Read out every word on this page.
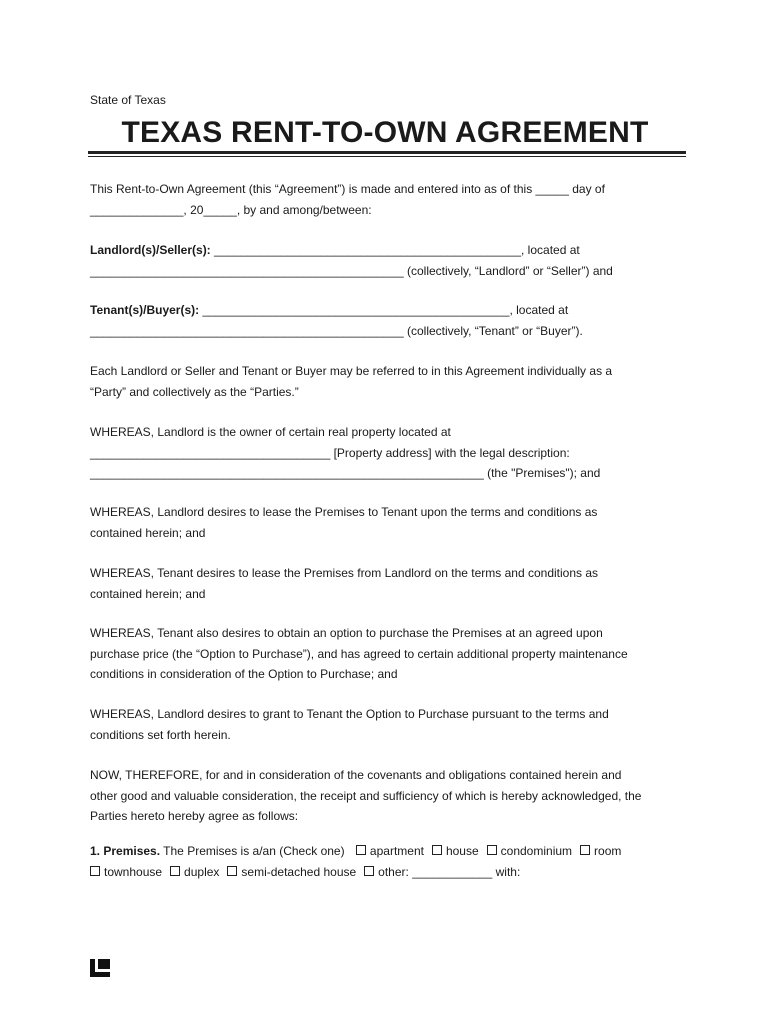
State of Texas
TEXAS RENT-TO-OWN AGREEMENT
This Rent-to-Own Agreement (this “Agreement”) is made and entered into as of this _____ day of
______________, 20_____, by and among/between:
Landlord(s)/Seller(s): ______________________________________________, located at
_______________________________________________ (collectively, “Landlord” or “Seller”) and
Tenant(s)/Buyer(s): ______________________________________________, located at
_______________________________________________ (collectively, “Tenant” or “Buyer”).
Each Landlord or Seller and Tenant or Buyer may be referred to in this Agreement individually as a
“Party” and collectively as the “Parties.”
WHEREAS, Landlord is the owner of certain real property located at
____________________________________ [Property address] with the legal description:
___________________________________________________________ (the "Premises"); and
WHEREAS, Landlord desires to lease the Premises to Tenant upon the terms and conditions as
contained herein; and
WHEREAS, Tenant desires to lease the Premises from Landlord on the terms and conditions as
contained herein; and
WHEREAS, Tenant also desires to obtain an option to purchase the Premises at an agreed upon
purchase price (the “Option to Purchase”), and has agreed to certain additional property maintenance
conditions in consideration of the Option to Purchase; and
WHEREAS, Landlord desires to grant to Tenant the Option to Purchase pursuant to the terms and
conditions set forth herein.
NOW, THEREFORE, for and in consideration of the covenants and obligations contained herein and
other good and valuable consideration, the receipt and sufficiency of which is hereby acknowledged, the
Parties hereto hereby agree as follows:
1. Premises. The Premises is a/an (Check one) apartment house condominium room
townhouse duplex semi-detached house other: ____________ with:
